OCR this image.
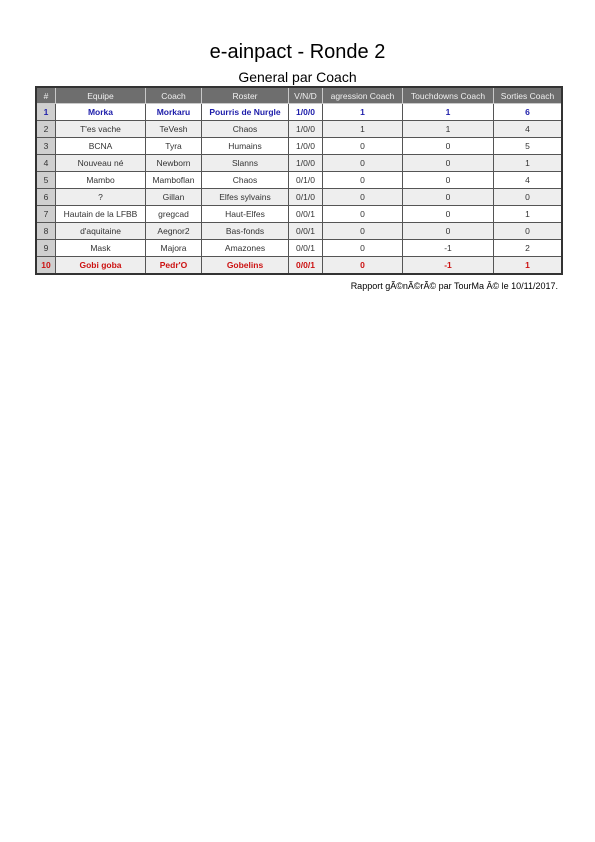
e-ainpact - Ronde 2
General par Coach
#	Equipe	Coach	Roster	V/N/D	agression Coach	Touchdowns Coach	Sorties Coach
1	Morka	Morkaru	Pourris de Nurgle	1/0/0	1	1	6
2	T'es vache	TeVesh	Chaos	1/0/0	1	1	4
3	BCNA	Tyra	Humains	1/0/0	0	0	5
4	Nouveau né	Newborn	Slanns	1/0/0	0	0	1
5	Mambo	Mamboflan	Chaos	0/1/0	0	0	4
6	?	Gillan	Elfes sylvains	0/1/0	0	0	0
7	Hautain de la LFBB	gregcad	Haut-Elfes	0/0/1	0	0	1
8	d'aquitaine	Aegnor2	Bas-fonds	0/0/1	0	0	0
9	Mask	Majora	Amazones	0/0/1	0	-1	2
10	Gobi goba	Pedr'O	Gobelins	0/0/1	0	-1	1
Rapport gÃ©nÃ©rÃ© par TourMa Â© le 10/11/2017.
